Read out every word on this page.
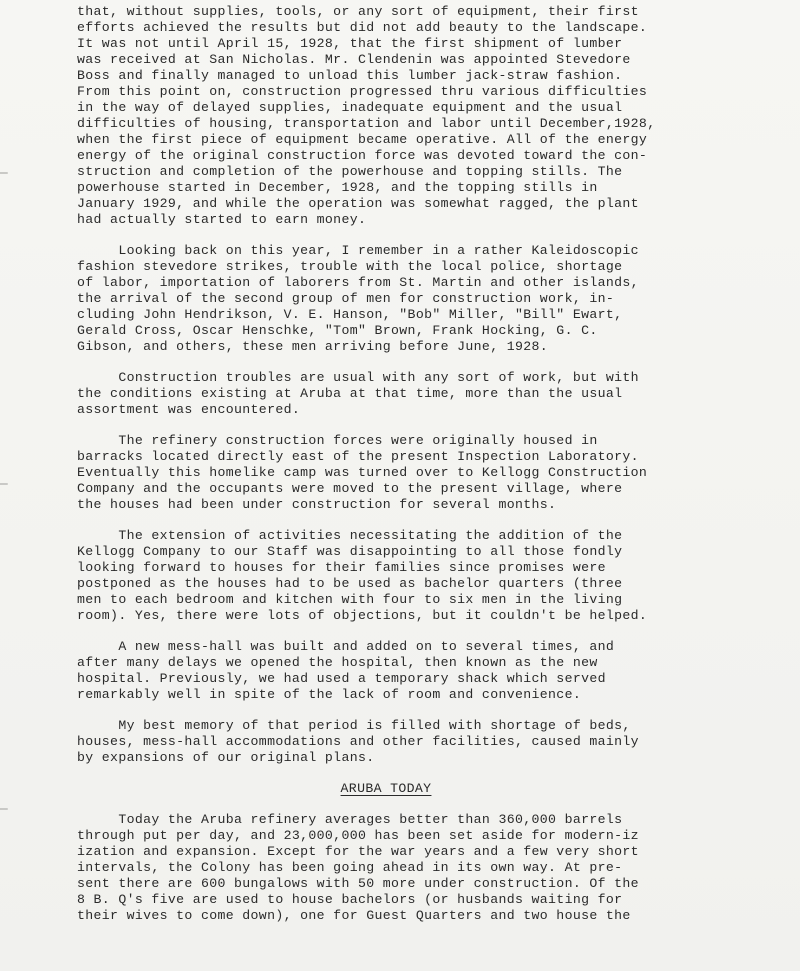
that, without supplies, tools, or any sort of equipment, their first
efforts achieved the results but did not add beauty to the landscape.
It was not until April 15, 1928, that the first shipment of lumber
was received at San Nicholas. Mr. Clendenin was appointed Stevedore
Boss and finally managed to unload this lumber jack-straw fashion.
From this point on, construction progressed thru various difficulties
in the way of delayed supplies, inadequate equipment and the usual
difficulties of housing, transportation and labor until December,1928,
when the first piece of equipment became operative. All of the energy
energy of the original construction force was devoted toward the con-
struction and completion of the powerhouse and topping stills. The
powerhouse started in December, 1928, and the topping stills in
January 1929, and while the operation was somewhat ragged, the plant
had actually started to earn money.
Looking back on this year, I remember in a rather Kaleidoscopic
fashion stevedore strikes, trouble with the local police, shortage
of labor, importation of laborers from St. Martin and other islands,
the arrival of the second group of men for construction work, in-
cluding John Hendrikson, V. E. Hanson, "Bob" Miller, "Bill" Ewart,
Gerald Cross, Oscar Henschke, "Tom" Brown, Frank Hocking, G. C.
Gibson, and others, these men arriving before June, 1928.
Construction troubles are usual with any sort of work, but with
the conditions existing at Aruba at that time, more than the usual
assortment was encountered.
The refinery construction forces were originally housed in
barracks located directly east of the present Inspection Laboratory.
Eventually this homelike camp was turned over to Kellogg Construction
Company and the occupants were moved to the present village, where
the houses had been under construction for several months.
The extension of activities necessitating the addition of the
Kellogg Company to our Staff was disappointing to all those fondly
looking forward to houses for their families since promises were
postponed as the houses had to be used as bachelor quarters (three
men to each bedroom and kitchen with four to six men in the living
room). Yes, there were lots of objections, but it couldn't be helped.
A new mess-hall was built and added on to several times, and
after many delays we opened the hospital, then known as the new
hospital. Previously, we had used a temporary shack which served
remarkably well in spite of the lack of room and convenience.
My best memory of that period is filled with shortage of beds,
houses, mess-hall accommodations and other facilities, caused mainly
by expansions of our original plans.
ARUBA TODAY
Today the Aruba refinery averages better than 360,000 barrels
through put per day, and 23,000,000 has been set aside for modern-iz
ization and expansion. Except for the war years and a few very short
intervals, the Colony has been going ahead in its own way. At pre-
sent there are 600 bungalows with 50 more under construction. Of the
8 B. Q's five are used to house bachelors (or husbands waiting for
their wives to come down), one for Guest Quarters and two house the
